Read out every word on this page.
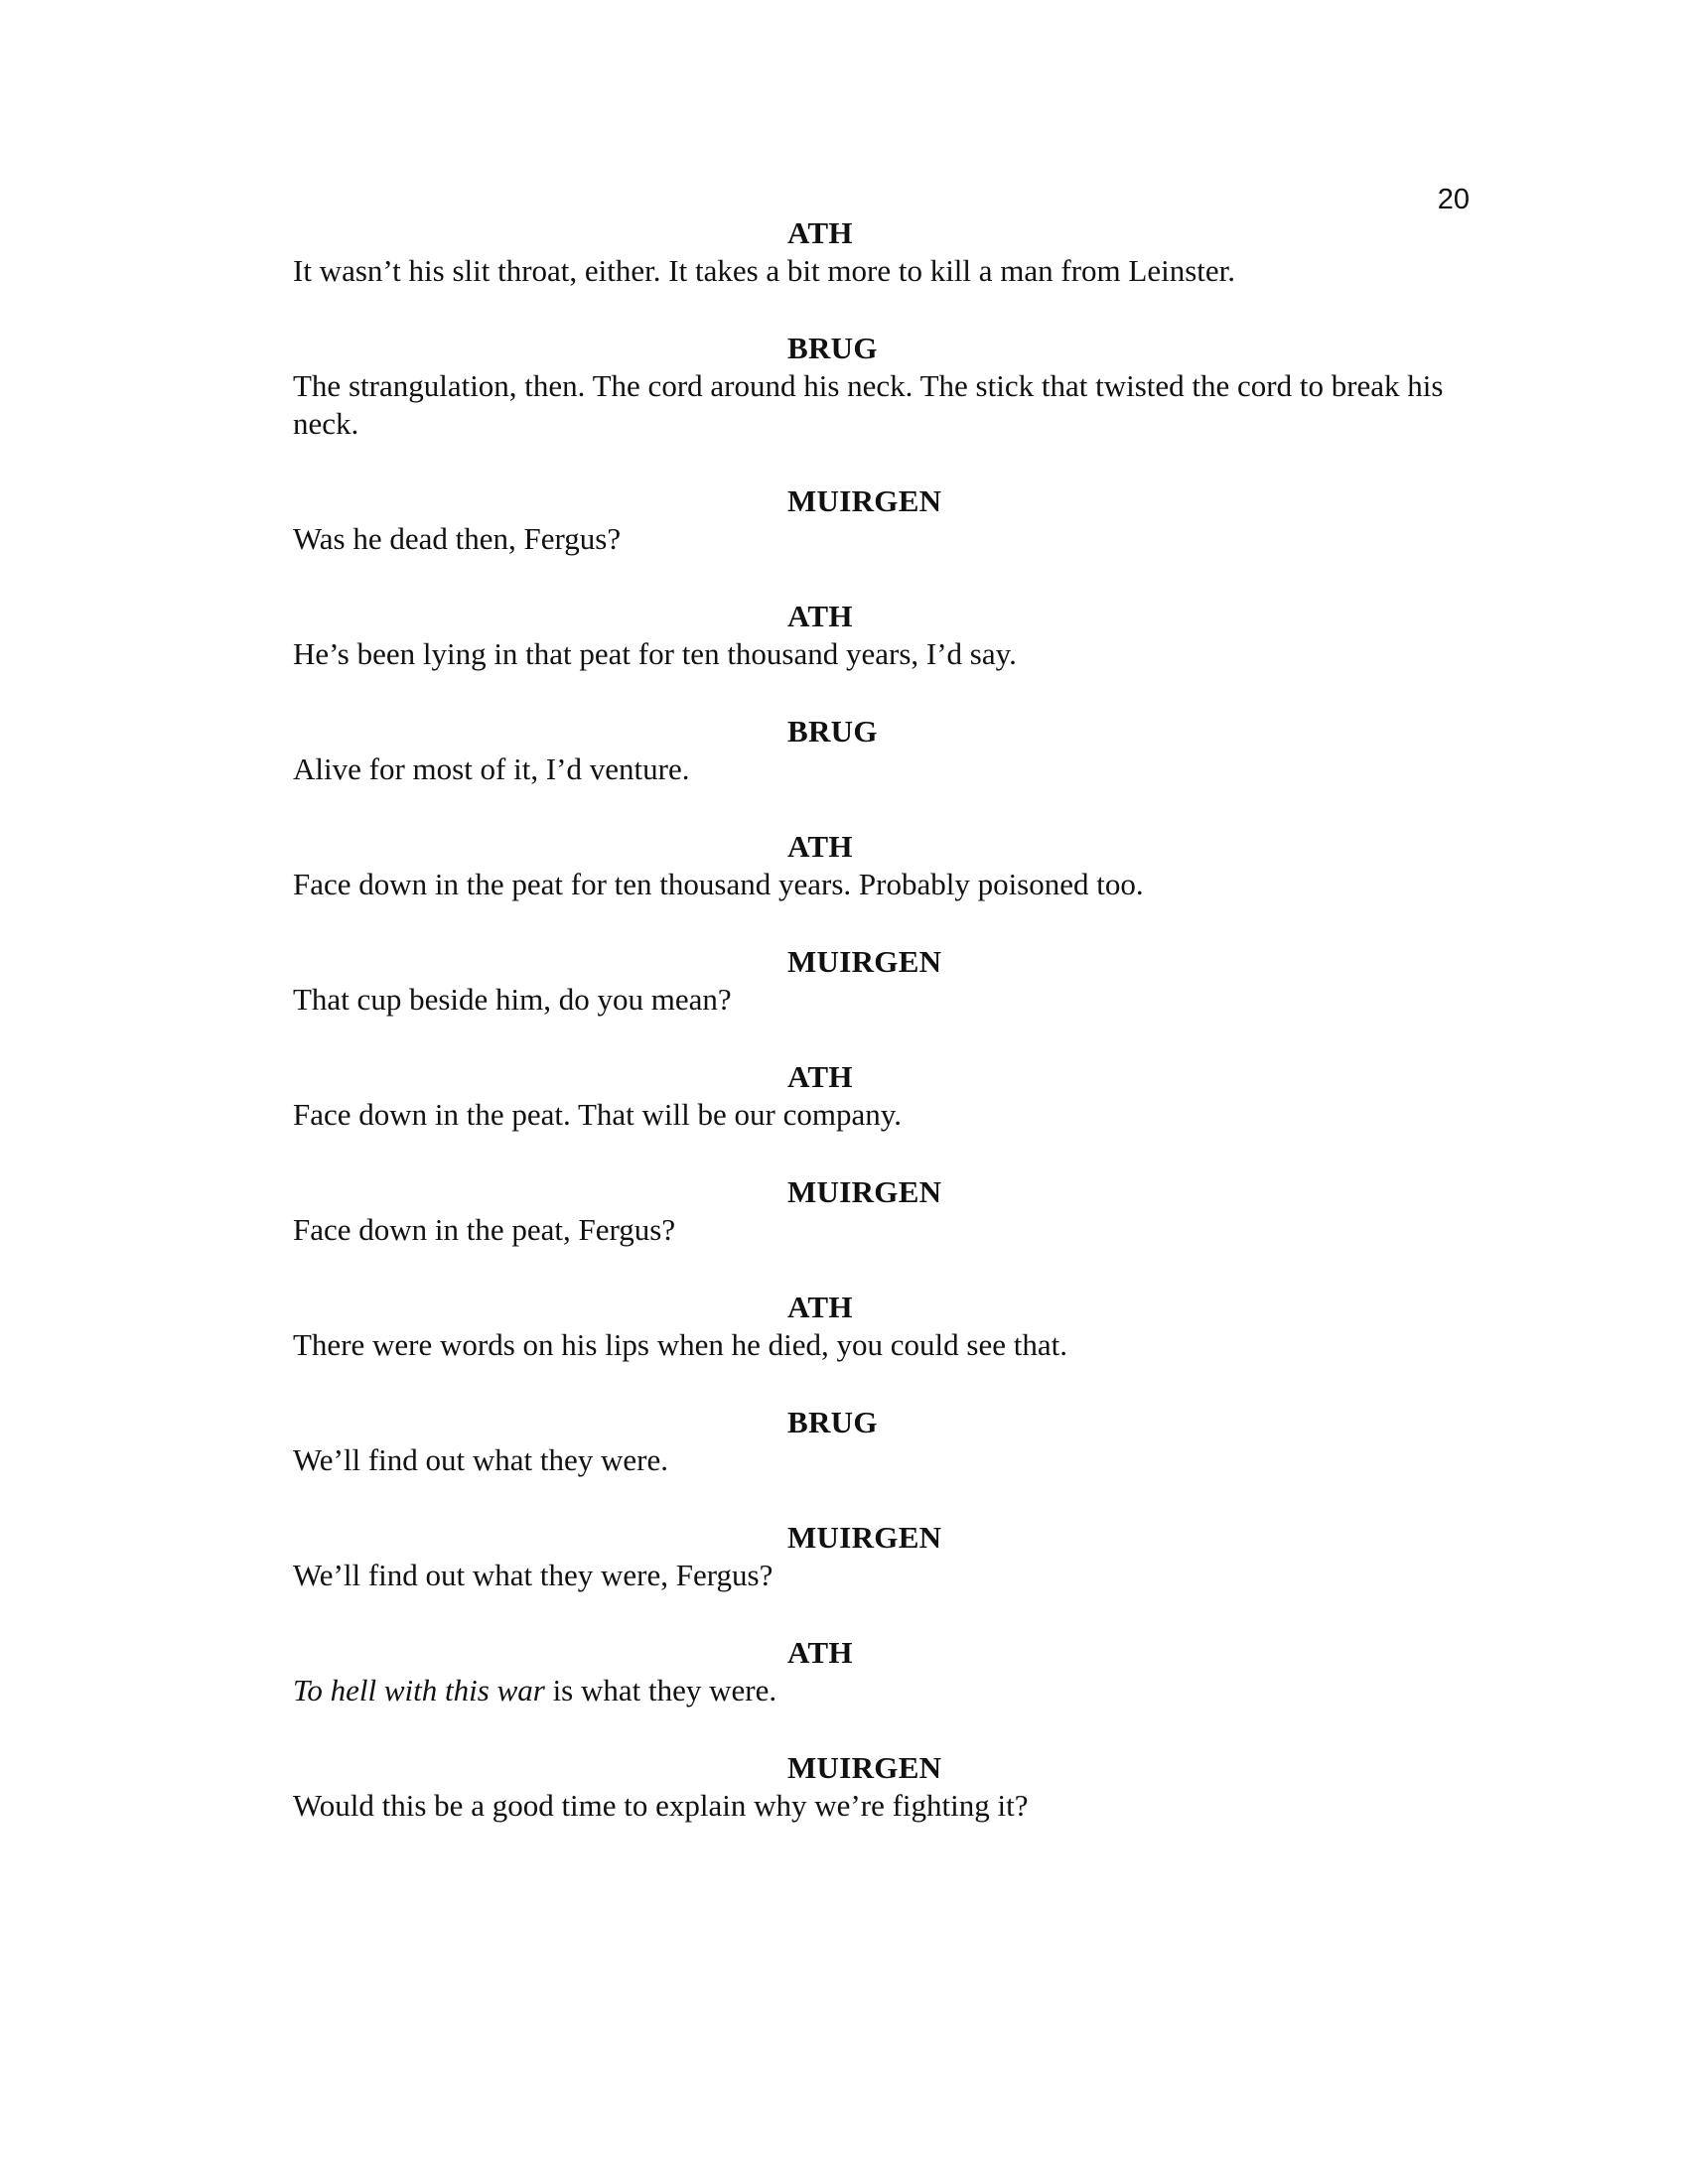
20

ATH

It wasn’t his slit throat, either. It takes a bit more to kill a man from Leinster.

BRUG

The strangulation, then. The cord around his neck. The stick that twisted the cord to break his neck.

MUIRGEN

Was he dead then, Fergus?

ATH

He’s been lying in that peat for ten thousand years, I’d say.

BRUG

Alive for most of it, I’d venture.

ATH

Face down in the peat for ten thousand years. Probably poisoned too.

MUIRGEN

That cup beside him, do you mean?

ATH

Face down in the peat. That will be our company.

MUIRGEN

Face down in the peat, Fergus?

ATH

There were words on his lips when he died, you could see that.

BRUG

We’ll find out what they were.

MUIRGEN

We’ll find out what they were, Fergus?

ATH

To hell with this war is what they were.

MUIRGEN

Would this be a good time to explain why we’re fighting it?
